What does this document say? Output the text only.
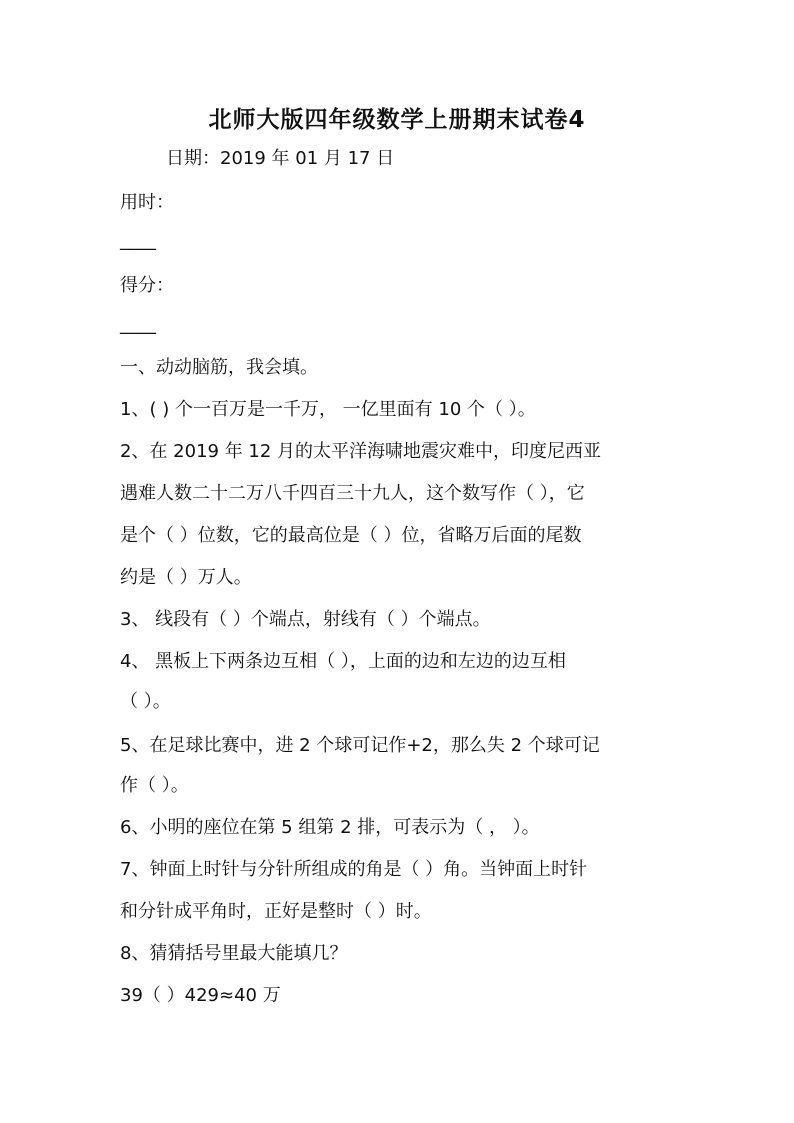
北师大版四年级数学上册期末试卷4
日期：2019 年 01 月 17 日
用时：
____
得分：
____
一、动动脑筋，我会填。
1、( ) 个一百万是一千万， 一亿里面有 10 个（ ）。
2、在 2019 年 12 月的太平洋海啸地震灾难中，印度尼西亚
遇难人数二十二万八千四百三十九人，这个数写作（ ），它
是个（ ）位数，它的最高位是（ ）位，省略万后面的尾数
约是（ ）万人。
3、 线段有（ ）个端点，射线有（ ）个端点。
4、 黑板上下两条边互相（ ），上面的边和左边的边互相
（ ）。
5、在足球比赛中，进 2 个球可记作+2，那么失 2 个球可记
作（ ）。
6、小明的座位在第 5 组第 2 排，可表示为（ ， ）。
7、钟面上时针与分针所组成的角是（ ）角。当钟面上时针
和分针成平角时，正好是整时（ ）时。
8、猜猜括号里最大能填几？
39（ ）429≈40 万
